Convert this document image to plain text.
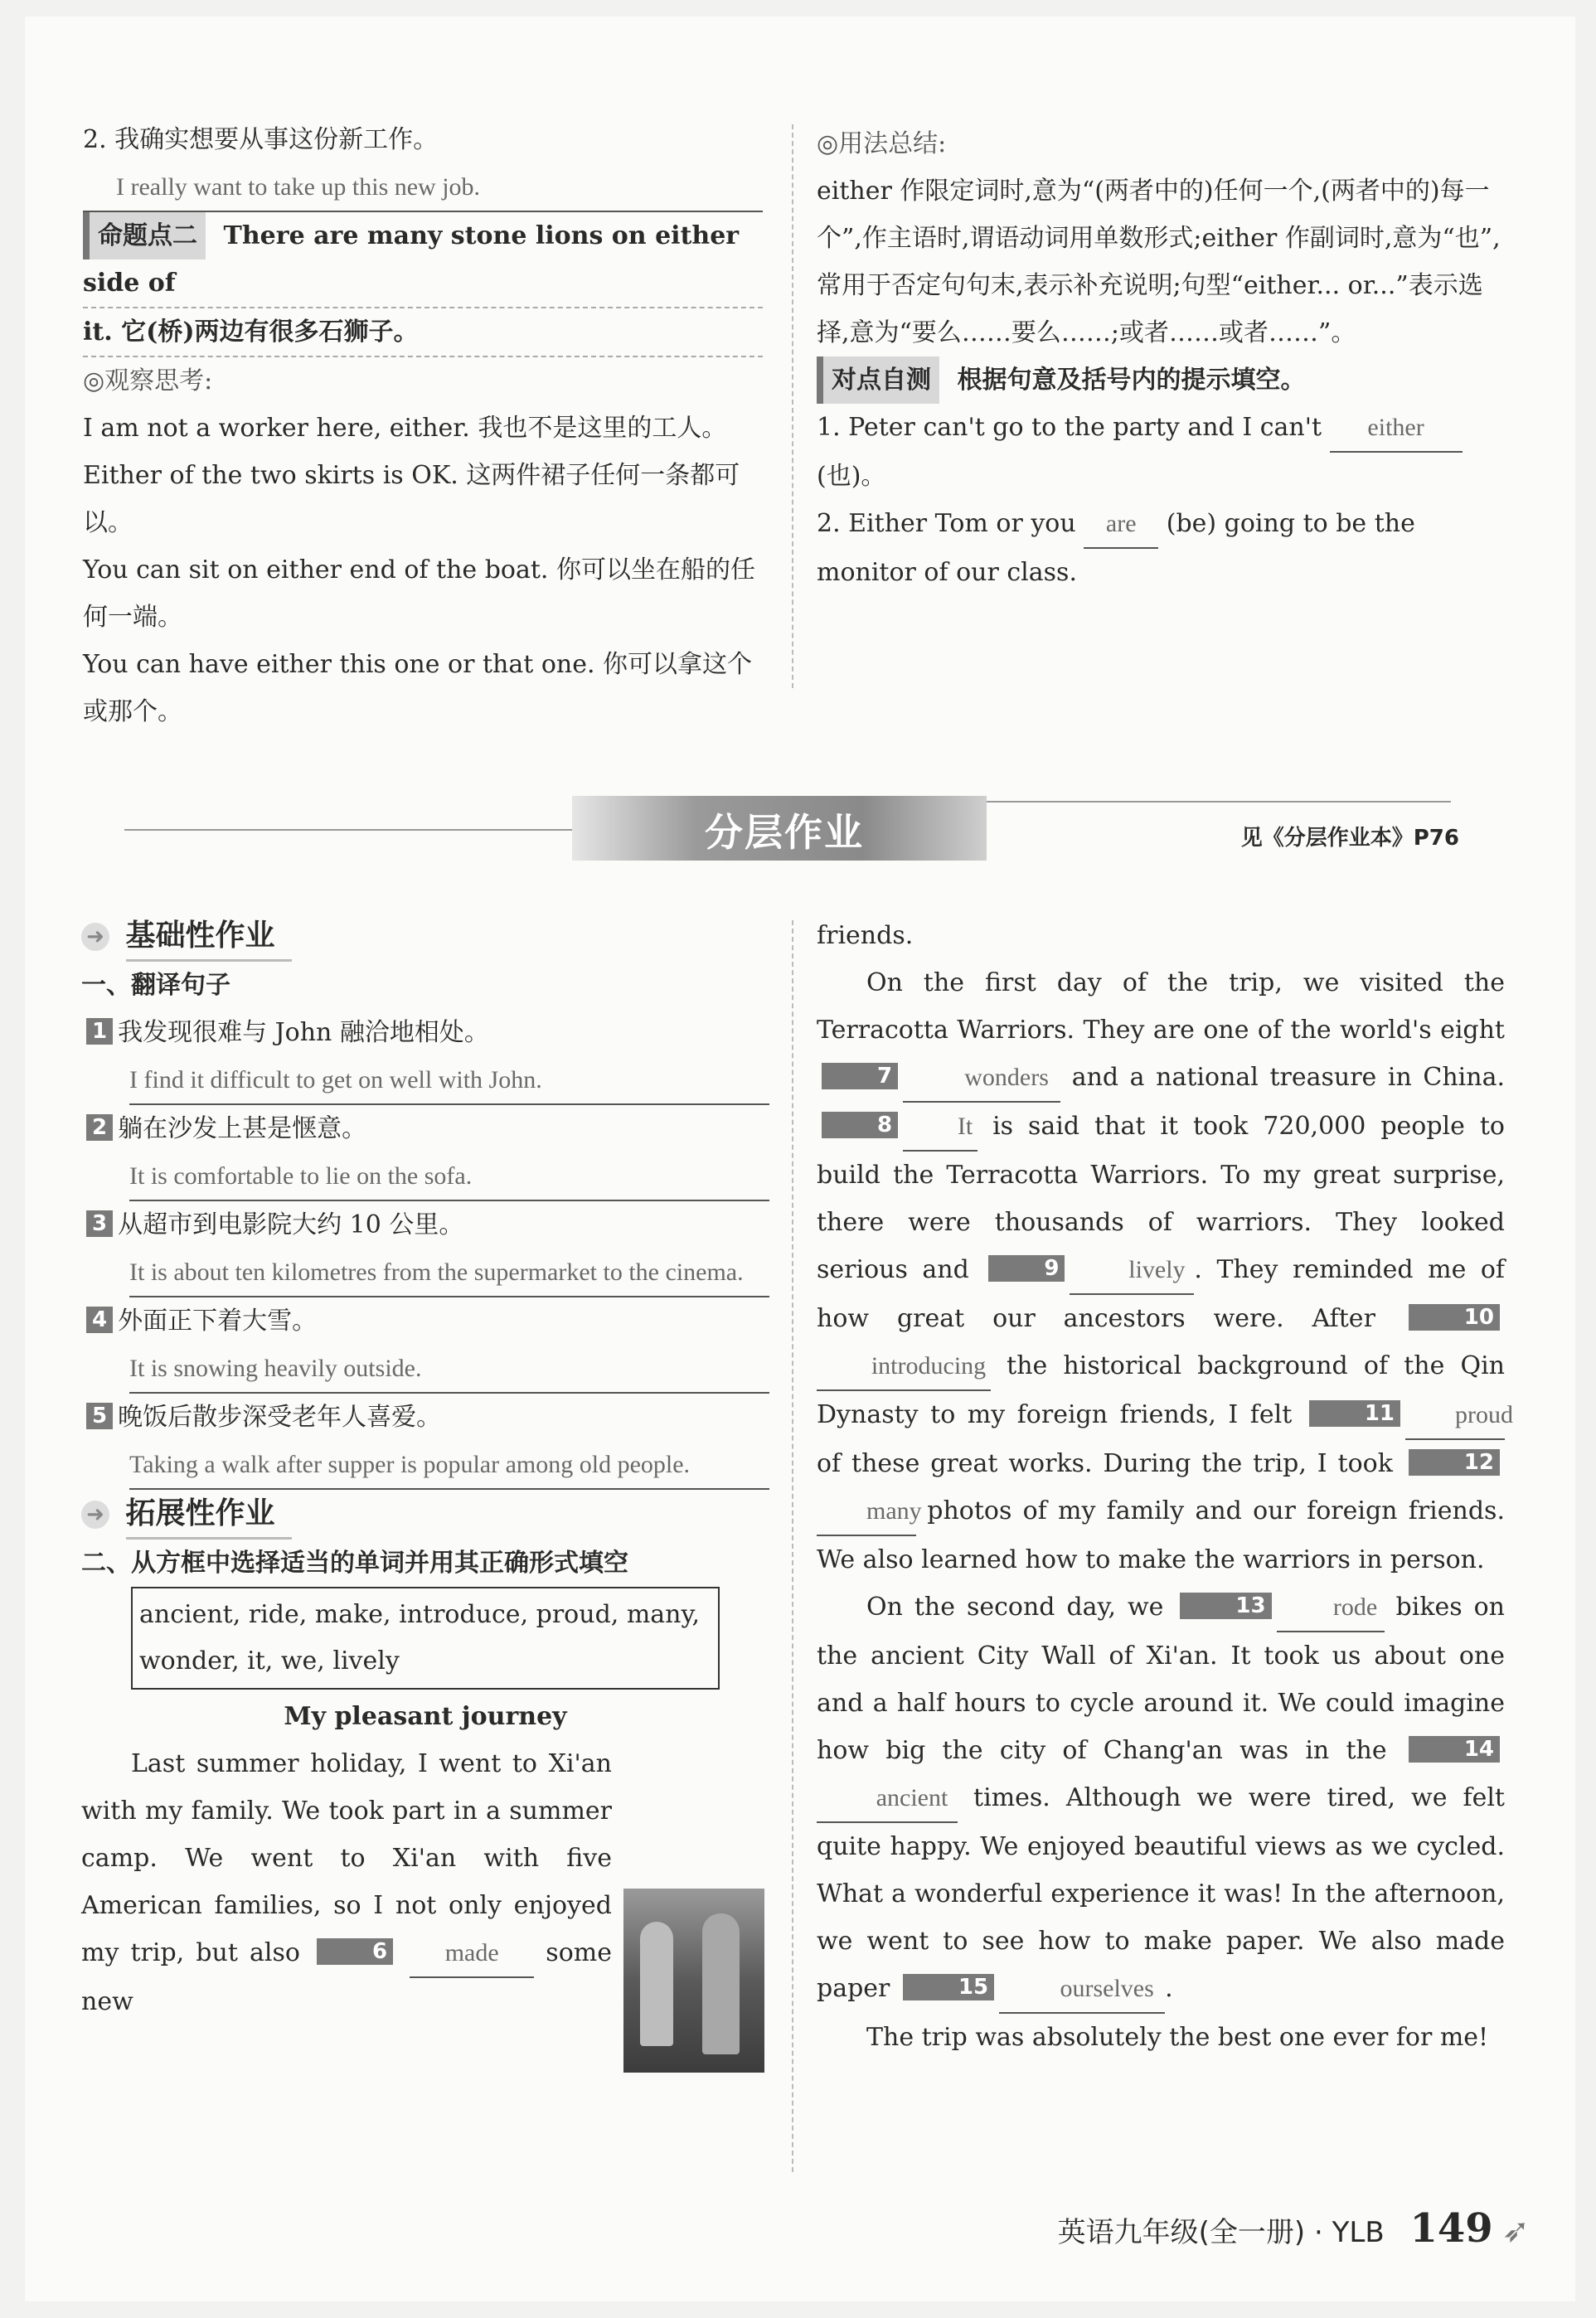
2. 我确实想要从事这份新工作。

I really want to take up this new job.

命题点二 There are many stone lions on either side of

it. 它(桥)两边有很多石狮子。

◎观察思考:

I am not a worker here, either. 我也不是这里的工人。

Either of the two skirts is OK. 这两件裙子任何一条都可以。

You can sit on either end of the boat. 你可以坐在船的任何一端。

You can have either this one or that one. 你可以拿这个或那个。

◎用法总结:

either 作限定词时,意为“(两者中的)任何一个,(两者中的)每一个”,作主语时,谓语动词用单数形式;either 作副词时,意为“也”,常用于否定句句末,表示补充说明;句型“either... or...”表示选择,意为“要么……要么……;或者……或者……”。

对点自测 根据句意及括号内的提示填空。

1. Peter can't go to the party and I can't either (也)。

2. Either Tom or you are (be) going to be the monitor of our class.

分层作业	见《分层作业本》P76

➜ 基础性作业

一、翻译句子

1 我发现很难与 John 融洽地相处。

I find it difficult to get on well with John.

2 躺在沙发上甚是惬意。

It is comfortable to lie on the sofa.

3 从超市到电影院大约 10 公里。

It is about ten kilometres from the supermarket to the cinema.

4 外面正下着大雪。

It is snowing heavily outside.

5 晚饭后散步深受老年人喜爱。

Taking a walk after supper is popular among old people.

➜ 拓展性作业

二、从方框中选择适当的单词并用其正确形式填空

ancient, ride, make, introduce, proud, many, wonder, it, we, lively

My pleasant journey

Last summer holiday, I went to Xi'an with my family. We took part in a summer camp. We went to Xi'an with five American families, so I not only enjoyed my trip, but also	6 made some new

friends.

On the first day of the trip, we visited the Terracotta Warriors. They are one of the world's eight 7	wonders and a national treasure in China. 8	It is said that it took 720,000 people to build the Terracotta Warriors. To my great surprise, there were thousands of warriors. They looked serious and	9	lively . They reminded me of how great our ancestors were. After	10introducing the historical background of the Qin Dynasty to my foreign friends, I felt	11 proud of these great works. During the trip, I took	12many photos of my family and our foreign friends. We also learned how to make the warriors in person.

On the second day, we	13	rode bikes on the ancient City Wall of Xi'an. It took us about one and a half hours to cycle around it. We could imagine how big the city of Chang'an was in the	14ancient times. Although we were tired, we felt quite happy. We enjoyed beautiful views as we cycled. What a wonderful experience it was! In the afternoon, we went to see how to make paper. We also made paper	15	ourselves .

The trip was absolutely the best one ever for me!

英语九年级(全一册) · YLB 149 ➶
